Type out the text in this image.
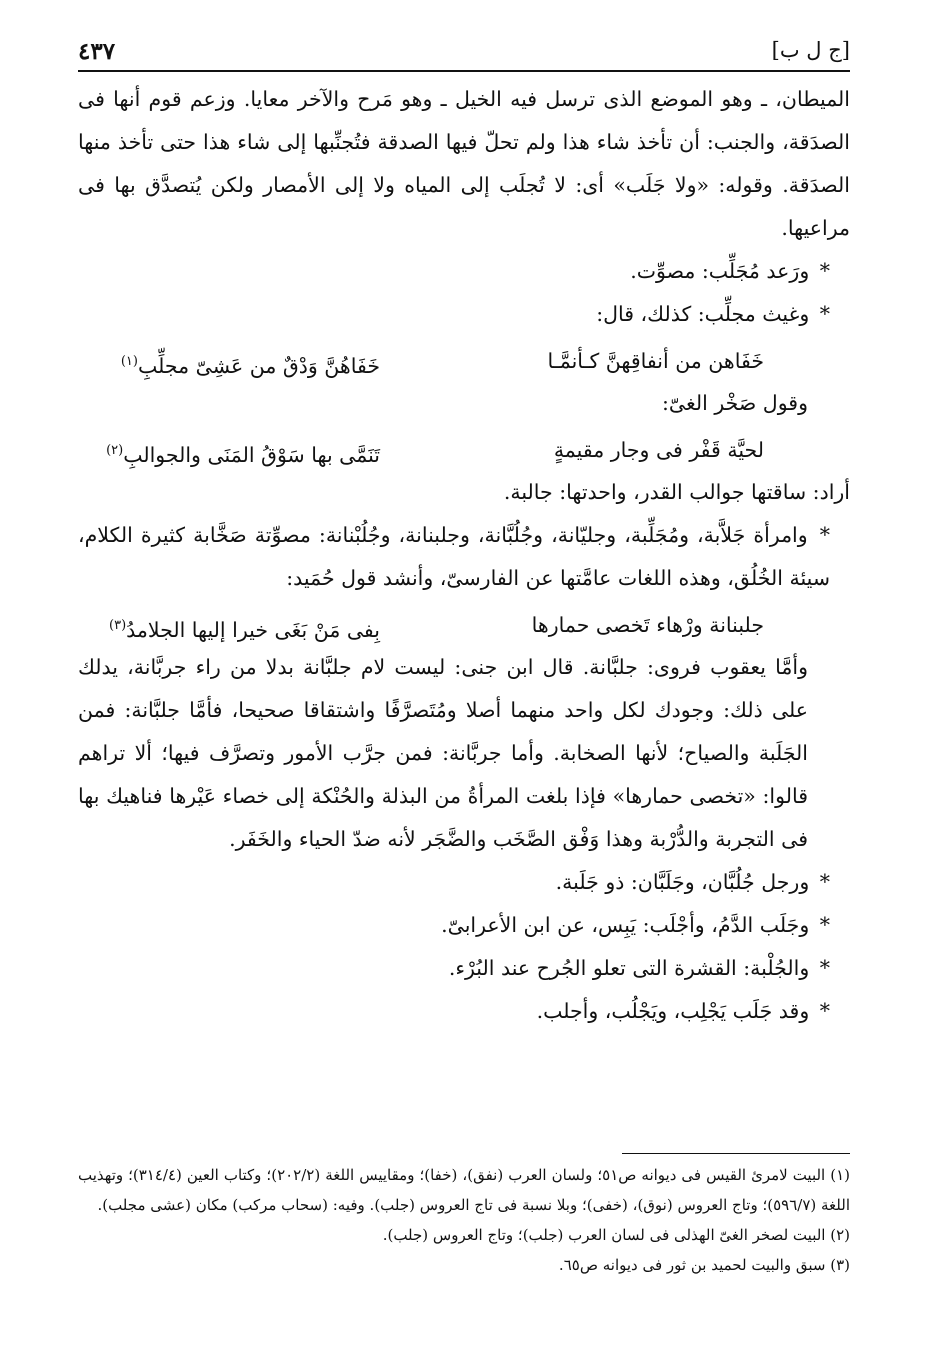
[ج ل ب]
٤٣٧

الميطان، ـ وهو الموضع الذى ترسل فيه الخيل ـ وهو مَرح والآخر معايا. وزعم قوم أنها فى الصدَقة، والجنب: أن تأخذ شاء هذا ولم تحلّ فيها الصدقة فتُجنِّبها إلى شاء هذا حتى تأخذ منها الصدَقة. وقوله: «ولا جَلَب» أى: لا تُجلَب إلى المياه ولا إلى الأمصار ولكن يُتصدَّق بها فى مراعيها.

* ورَعد مُجَلِّب: مصوِّت.

* وغيث مجلِّب: كذلك، قال:

خَفَاهن من أنفاقِهنَّ كـأنمَّـا
خَفَاهُنَّ وَدْقٌ من عَشِىّ مجلِّبِ$^{(١)}$

وقول صَخْر الغىّ:

لحيَّة قَفْر فى وجار مقيمةٍ
تَنَمَّى بها سَوْقُ المَنَى والجوالبِ$^{(٢)}$

أراد: ساقتها جوالب القدر، واحدتها: جالبة.

* وامرأة جَلاَّبة، ومُجَلِّبة، وجليّانة، وجُلُبَّانة، وجلبنانة، وجُلُبْنانة: مصوِّتة صَخَّابة كثيرة الكلام، سيئة الخُلُق، وهذه اللغات عامَّتها عن الفارسىّ، وأنشد قول حُمَيد:

جلبنانة ورْهاء تَخصى حمارها
بِفى مَنْ بَغَى خيرا إليها الجلامدُ$^{(٣)}$

وأمَّا يعقوب فروى: جلبَّانة. قال ابن جنى: ليست لام جلبَّانة بدلا من راء جربَّانة، يدلك على ذلك: وجودك لكل واحد منهما أصلا ومُتَصرَّفًا واشتقاقا صحيحا، فأمَّا جلبَّانة: فمن الجَلَبة والصياح؛ لأنها الصخابة. وأما جربَّانة: فمن جرَّب الأمور وتصرَّف فيها؛ ألا تراهم قالوا: «تخصى حمارها» فإذا بلغت المرأةُ من البذلة والحُنْكة إلى خصاء عَيْرها فناهيك بها فى التجربة والدُّرْبة وهذا وَفْق الصَّخَب والضَّجَر لأنه ضدّ الحياء والخَفَر.

* ورجل جُلُبَّان، وجَلَبَّان: ذو جَلَبة.

* وجَلَب الدَّمُ، وأجْلَب: يَبِس، عن ابن الأعرابىّ.

* والجُلْبة: القشرة التى تعلو الجُرح عند البُرْء.

* وقد جَلَب يَجْلِب، ويَجْلُب، وأجلب.

(١) البيت لامرئ القيس فى ديوانه ص٥١؛ ولسان العرب (نفق)، (خفا)؛ ومقاييس اللغة (٢٠٢/٢)؛ وكتاب العين (٣١٤/٤)؛ وتهذيب اللغة (٥٩٦/٧)؛ وتاج العروس (نوق)، (خفى)؛ وبلا نسبة فى تاج العروس (جلب). وفيه: (سحاب مركب) مكان (عشى مجلب).

(٢) البيت لصخر الغىّ الهذلى فى لسان العرب (جلب)؛ وتاج العروس (جلب).

(٣) سبق والبيت لحميد بن ثور فى ديوانه ص٦٥.
